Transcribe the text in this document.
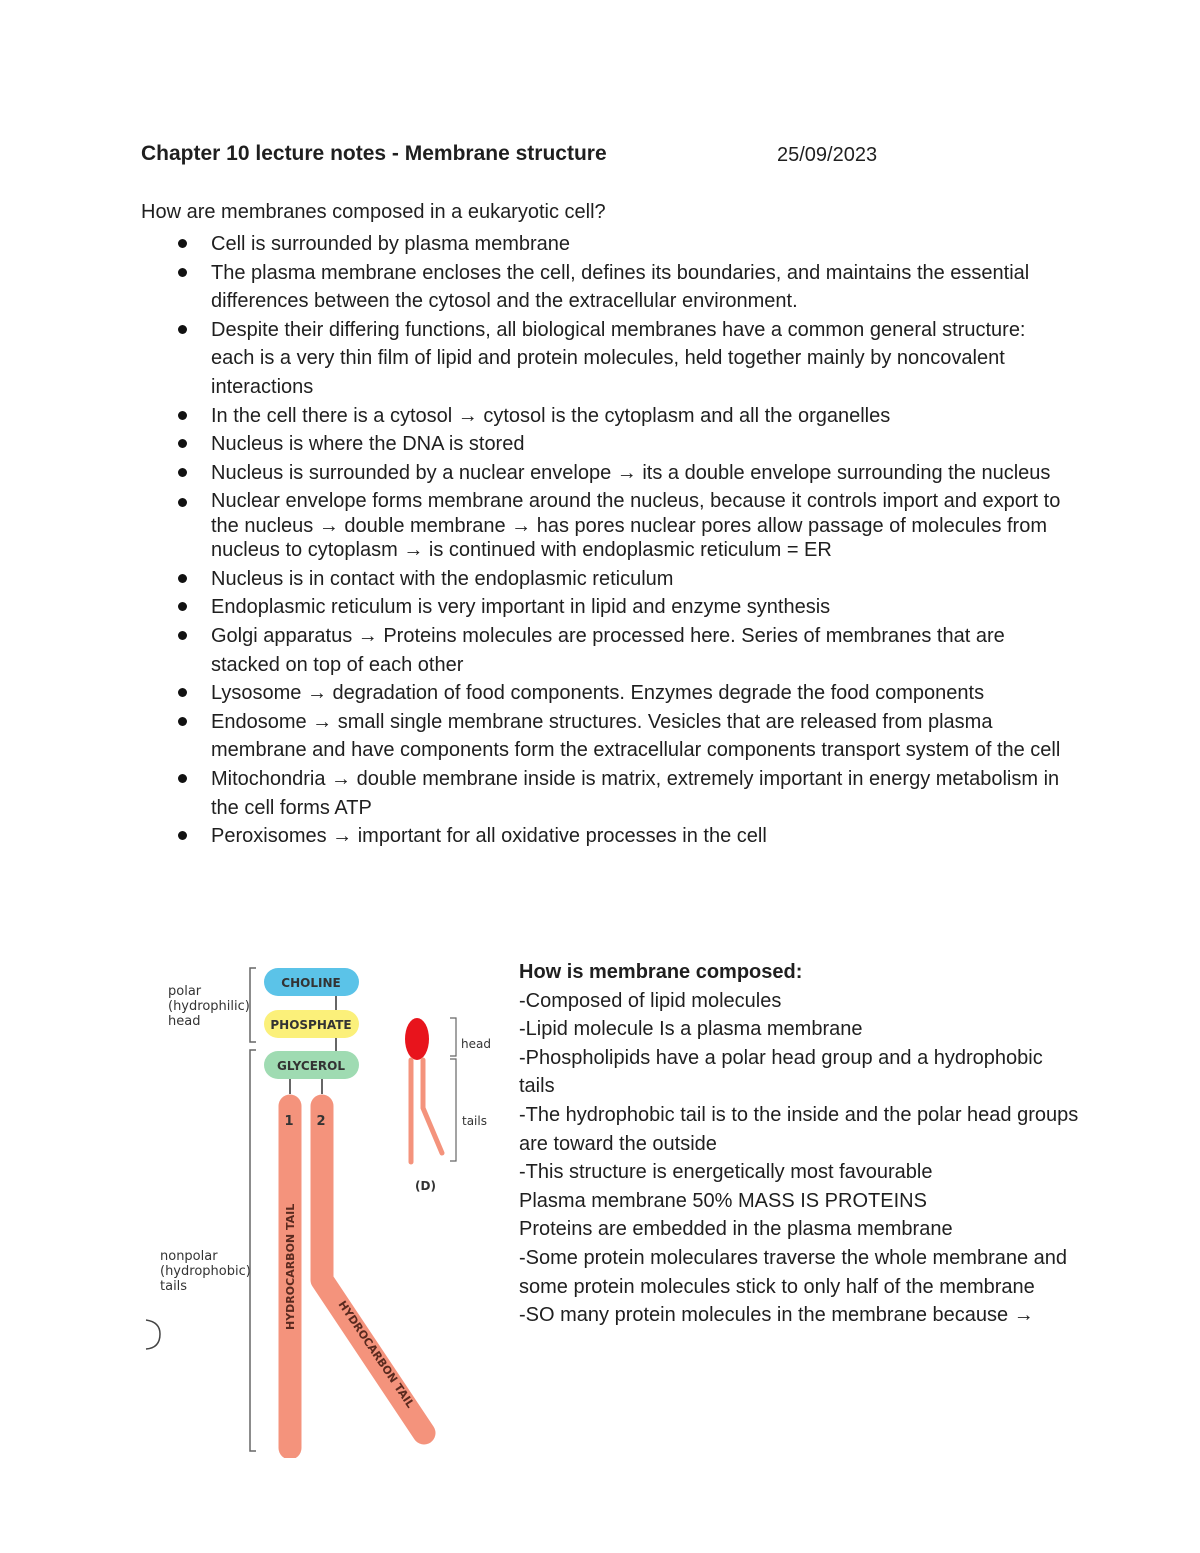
Chapter 10 lecture notes - Membrane structure	25/09/2023
How are membranes composed in a eukaryotic cell?
Cell is surrounded by plasma membrane
The plasma membrane encloses the cell, defines its boundaries, and maintains the essential differences between the cytosol and the extracellular environment.
Despite their differing functions, all biological membranes have a common general structure: each is a very thin film of lipid and protein molecules, held together mainly by noncovalent interactions
In the cell there is a cytosol → cytosol is the cytoplasm and all the organelles
Nucleus is where the DNA is stored
Nucleus is surrounded by a nuclear envelope → its a double envelope surrounding the nucleus
Nuclear envelope forms membrane around the nucleus, because it controls import and export to the nucleus → double membrane → has pores nuclear pores allow passage of molecules from nucleus to cytoplasm → is continued with endoplasmic reticulum = ER
Nucleus is in contact with the endoplasmic reticulum
Endoplasmic reticulum is very important in lipid and enzyme synthesis
Golgi apparatus → Proteins molecules are processed here. Series of membranes that are stacked on top of each other
Lysosome → degradation of food components. Enzymes degrade the food components
Endosome → small single membrane structures. Vesicles that are released from plasma membrane and have components form the extracellular components transport system of the cell
Mitochondria → double membrane inside is matrix, extremely important in energy metabolism in the cell forms ATP
Peroxisomes → important for all oxidative processes in the cell
polar
(hydrophilic)
head
nonpolar
(hydrophobic)
tails
CHOLINE
PHOSPHATE
GLYCEROL
1 2
HYDROCARBON TAIL
HYDROCARBON TAIL
head
tails
(D)
How is membrane composed:
-Composed of lipid molecules
-Lipid molecule Is a plasma membrane
-Phospholipids have a polar head group and a hydrophobic tails
-The hydrophobic tail is to the inside and the polar head groups are toward the outside
-This structure is energetically most favourable
Plasma membrane 50% MASS IS PROTEINS
Proteins are embedded in the plasma membrane
-Some protein moleculares traverse the whole membrane and some protein molecules stick to only half of the membrane
-SO many protein molecules in the membrane because →
